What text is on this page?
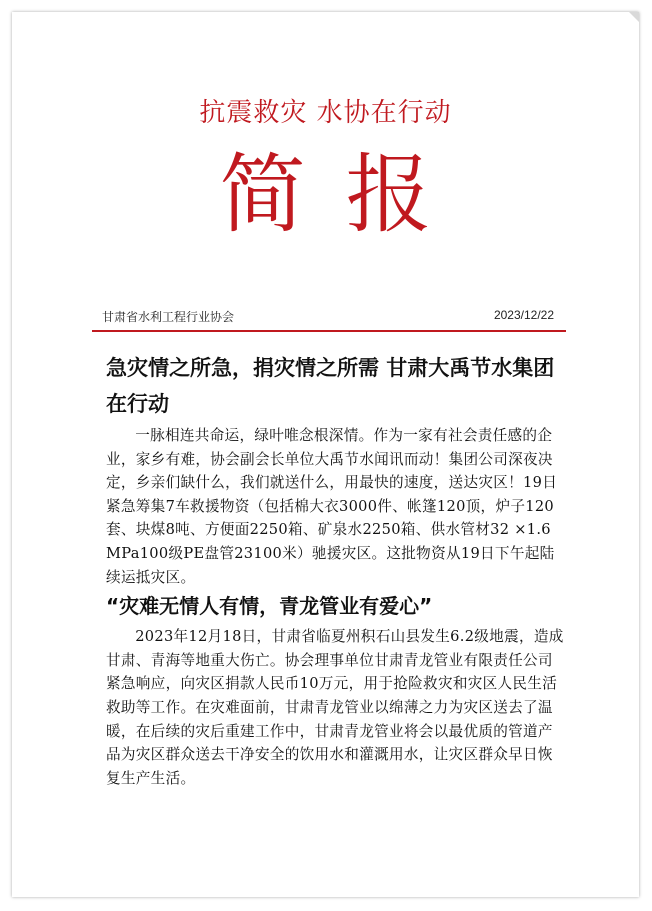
抗震救灾 水协在行动
简报
甘肃省水利工程行业协会	2023/12/22
急灾情之所急，捐灾情之所需 甘肃大禹节水集团在行动

一脉相连共命运，绿叶唯念根深情。作为一家有社会责任感的企业，家乡有难，协会副会长单位大禹节水闻讯而动！集团公司深夜决定，乡亲们缺什么，我们就送什么，用最快的速度，送达灾区！19日紧急筹集7车救援物资（包括棉大衣3000件、帐篷120顶，炉子120套、块煤8吨、方便面2250箱、矿泉水2250箱、供水管材32 ×1.6MPa100级PE盘管23100米）驰援灾区。这批物资从19日下午起陆续运抵灾区。

“灾难无情人有情，青龙管业有爱心”

2023年12月18日，甘肃省临夏州积石山县发生6.2级地震，造成甘肃、青海等地重大伤亡。协会理事单位甘肃青龙管业有限责任公司紧急响应，向灾区捐款人民币10万元，用于抢险救灾和灾区人民生活救助等工作。在灾难面前，甘肃青龙管业以绵薄之力为灾区送去了温暖，在后续的灾后重建工作中，甘肃青龙管业将会以最优质的管道产品为灾区群众送去干净安全的饮用水和灌溉用水，让灾区群众早日恢复生产生活。
